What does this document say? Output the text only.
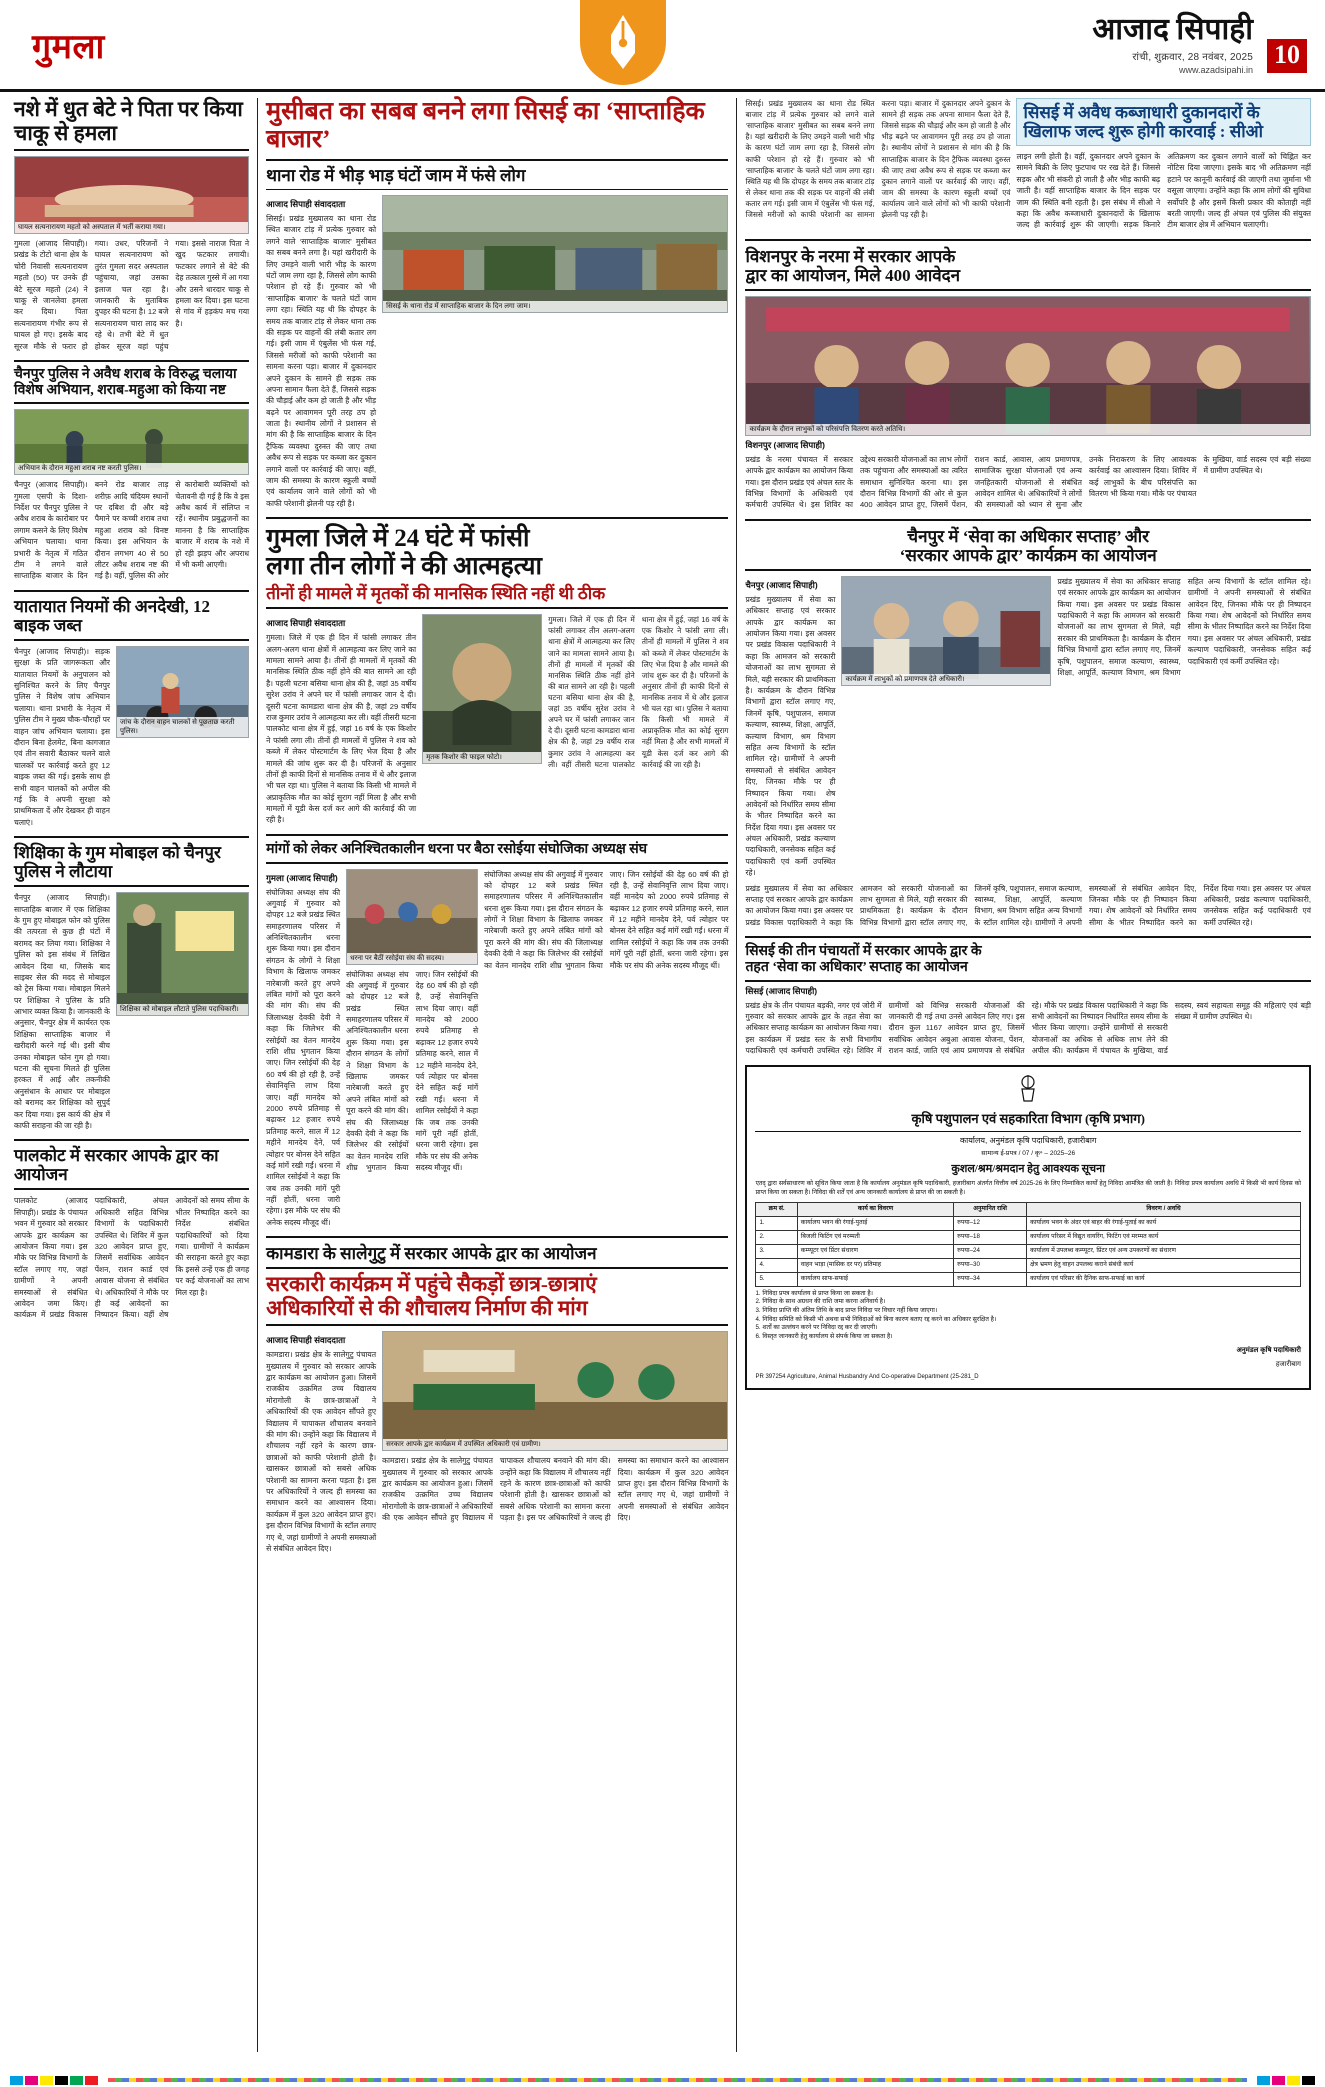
गुमला	आजाद सिपाही
रांची, शुक्रवार, 28 नवंबर, 2025
www.azadsipahi.in
10
नशे में धुत बेटे ने पिता पर किया चाकू से हमला
घायल सत्यनारायण महतो को अस्पताल में भर्ती कराया गया।
गुमला (आजाद सिपाही)। प्रखंड के टोटो थाना क्षेत्र के चोरी निवासी सत्यनारायण महतो (50) पर उनके ही बेटे सूरज महतो (24) ने चाकू से जानलेवा हमला कर दिया। पिता सत्यनारायण गंभीर रूप से घायल हो गए। इसके बाद सूरज मौके से फरार हो गया। उधर, परिजनों ने घायल सत्यनारायण को तुरंत गुमला सदर अस्पताल पहुंचाया, जहां उसका इलाज चल रहा है। जानकारी के मुताबिक दुपहर की घटना है। 12 बजे सत्यनारायण चारा लाद कर रहे थे। तभी बेटे में धुत होकर सूरज वहां पहुंच गया। इससे नाराज पिता ने खुद फटकार लगायी। फटकार लगाने से बेटे की देह तत्काल गुस्से में आ गया और उसने धारदार चाकू से हमला कर दिया। इस घटना से गांव में हड़कंप मच गया है।
चैनपुर पुलिस ने अवैध शराब के विरुद्ध चलाया विशेष अभियान, शराब-महुआ को किया नष्ट
अभियान के दौरान महुआ शराब नष्ट करती पुलिस।
चैनपुर (आजाद सिपाही)। गुमला एसपी के दिशा-निर्देश पर चैनपुर पुलिस ने अवैध शराब के कारोबार पर लगाम कसने के लिए विशेष अभियान चलाया। थाना प्रभारी के नेतृत्व में गठित टीम ने लगने वाले साप्ताहिक बाजार के दिन बनने रोड बाजार ताड़ शरीफ़ आदि चंदियम स्थानों पर दबिश दी और बड़े पैमाने पर कच्ची शराब तथा महुआ शराब को विनष्ट किया। इस अभियान के दौरान लगभग 40 से 50 लीटर अवैध शराब नष्ट की गई है। वहीं, पुलिस की ओर से कारोबारी व्यक्तियों को चेतावनी दी गई है कि वे इस अवैध कार्य में संलिप्त न रहें। स्थानीय प्रबुद्धजनों का मानना है कि साप्ताहिक बाजार में शराब के नशे में हो रही झड़प और अपराध में भी कमी आएगी।
यातायात नियमों की अनदेखी, 12 बाइक जब्त
चैनपुर (आजाद सिपाही)। सड़क सुरक्षा के प्रति जागरूकता और यातायात नियमों के अनुपालन को सुनिश्चित करने के लिए चैनपुर पुलिस ने विशेष जांच अभियान चलाया। थाना प्रभारी के नेतृत्व में पुलिस टीम ने मुख्य चौक-चौराहों पर वाहन जांच अभियान चलाया। इस दौरान बिना हेलमेट, बिना कागजात एवं तीन सवारी बैठाकर चलने वाले चालकों पर कार्रवाई करते हुए 12 बाइक जब्त की गई। इसके साथ ही सभी वाहन चालकों को अपील की गई कि वे अपनी सुरक्षा को प्राथमिकता दें और देखकर ही वाहन चलाएं।
जांच के दौरान वाहन चालकों से पूछताछ करती पुलिस।
शिक्षिका के गुम मोबाइल को चैनपुर पुलिस ने लौटाया
चैनपुर (आजाद सिपाही)। साप्ताहिक बाजार में एक शिक्षिका के गुम हुए मोबाइल फोन को पुलिस की तत्परता से कुछ ही घंटों में बरामद कर लिया गया। शिक्षिका ने पुलिस को इस संबंध में लिखित आवेदन दिया था, जिसके बाद साइबर सेल की मदद से मोबाइल को ट्रेस किया गया। मोबाइल मिलने पर शिक्षिका ने पुलिस के प्रति आभार व्यक्त किया है। जानकारी के अनुसार, चैनपुर क्षेत्र में कार्यरत एक शिक्षिका साप्ताहिक बाजार में खरीदारी करने गई थी। इसी बीच उनका मोबाइल फोन गुम हो गया। घटना की सूचना मिलते ही पुलिस हरकत में आई और तकनीकी अनुसंधान के आधार पर मोबाइल को बरामद कर शिक्षिका को सुपुर्द कर दिया गया। इस कार्य की क्षेत्र में काफी सराहना की जा रही है।
शिक्षिका को मोबाइल लौटाते पुलिस पदाधिकारी।
पालकोट में सरकार आपके द्वार का आयोजन
पालकोट (आजाद सिपाही)। प्रखंड के पंचायत भवन में गुरुवार को सरकार आपके द्वार कार्यक्रम का आयोजन किया गया। इस मौके पर विभिन्न विभागों के स्टॉल लगाए गए, जहां ग्रामीणों ने अपनी समस्याओं से संबंधित आवेदन जमा किए। कार्यक्रम में प्रखंड विकास पदाधिकारी, अंचल अधिकारी सहित विभिन्न विभागों के पदाधिकारी उपस्थित थे। शिविर में कुल 320 आवेदन प्राप्त हुए, जिसमें सर्वाधिक आवेदन पेंशन, राशन कार्ड एवं आवास योजना से संबंधित थे। अधिकारियों ने मौके पर ही कई आवेदनों का निष्पादन किया। वहीं शेष आवेदनों को समय सीमा के भीतर निष्पादित करने का निर्देश संबंधित पदाधिकारियों को दिया गया। ग्रामीणों ने कार्यक्रम की सराहना करते हुए कहा कि इससे उन्हें एक ही जगह पर कई योजनाओं का लाभ मिल रहा है।
मुसीबत का सबब बनने लगा सिसई का ‘साप्ताहिक बाजार’
थाना रोड में भीड़ भाड़ घंटों जाम में फंसे लोग
आजाद सिपाही संवाददाता
सिसई। प्रखंड मुख्यालय का थाना रोड स्थित बाजार टांड़ में प्रत्येक गुरुवार को लगने वाले ‘साप्ताहिक बाजार’ मुसीबत का सबब बनने लगा है। यहां खरीदारी के लिए उमड़ने वाली भारी भीड़ के कारण घंटों जाम लगा रहा है, जिससे लोग काफी परेशान हो रहे हैं। गुरुवार को भी ‘साप्ताहिक बाजार’ के चलते घंटों जाम लगा रहा। स्थिति यह थी कि दोपहर के समय तक बाजार टांड़ से लेकर थाना तक की सड़क पर वाहनों की लंबी कतार लग गई। इसी जाम में एंबुलेंस भी फंस गई, जिससे मरीजों को काफी परेशानी का सामना करना पड़ा। बाजार में दुकानदार अपने दुकान के सामने ही सड़क तक अपना सामान फैला देते हैं, जिससे सड़क की चौड़ाई और कम हो जाती है और भीड़ बढ़ने पर आवागमन पूरी तरह ठप हो जाता है। स्थानीय लोगों ने प्रशासन से मांग की है कि साप्ताहिक बाजार के दिन ट्रैफिक व्यवस्था दुरुस्त की जाए तथा अवैध रूप से सड़क पर कब्जा कर दुकान लगाने वालों पर कार्रवाई की जाए। वहीं, जाम की समस्या के कारण स्कूली बच्चों एवं कार्यालय जाने वाले लोगों को भी काफी परेशानी झेलनी पड़ रही है।
सिसई के थाना रोड में साप्ताहिक बाजार के दिन लगा जाम।
गुमला जिले में 24 घंटे में फांसी
लगा तीन लोगों ने की आत्महत्या
तीनों ही मामले में मृतकों की मानसिक स्थिति नहीं थी ठीक
आजाद सिपाही संवाददाता
गुमला। जिले में एक ही दिन में फांसी लगाकर तीन अलग-अलग थाना क्षेत्रों में आत्महत्या कर लिए जाने का मामला सामने आया है। तीनों ही मामलों में मृतकों की मानसिक स्थिति ठीक नहीं होने की बात सामने आ रही है। पहली घटना बसिया थाना क्षेत्र की है, जहां 35 वर्षीय सुरेश उरांव ने अपने घर में फांसी लगाकर जान दे दी। दूसरी घटना कामडारा थाना क्षेत्र की है, जहां 29 वर्षीय राज कुमार उरांव ने आत्महत्या कर ली। वहीं तीसरी घटना पालकोट थाना क्षेत्र में हुई, जहां 16 वर्ष के एक किशोर ने फांसी लगा ली। तीनों ही मामलों में पुलिस ने शव को कब्जे में लेकर पोस्टमार्टम के लिए भेज दिया है और मामले की जांच शुरू कर दी है। परिजनों के अनुसार तीनों ही काफी दिनों से मानसिक तनाव में थे और इलाज भी चल रहा था। पुलिस ने बताया कि किसी भी मामले में अप्राकृतिक मौत का कोई सुराग नहीं मिला है और सभी मामलों में यूडी केस दर्ज कर आगे की कार्रवाई की जा रही है।
मृतक किशोर की फाइल फोटो।
गुमला। जिले में एक ही दिन में फांसी लगाकर तीन अलग-अलग थाना क्षेत्रों में आत्महत्या कर लिए जाने का मामला सामने आया है। तीनों ही मामलों में मृतकों की मानसिक स्थिति ठीक नहीं होने की बात सामने आ रही है। पहली घटना बसिया थाना क्षेत्र की है, जहां 35 वर्षीय सुरेश उरांव ने अपने घर में फांसी लगाकर जान दे दी। दूसरी घटना कामडारा थाना क्षेत्र की है, जहां 29 वर्षीय राज कुमार उरांव ने आत्महत्या कर ली। वहीं तीसरी घटना पालकोट थाना क्षेत्र में हुई, जहां 16 वर्ष के एक किशोर ने फांसी लगा ली। तीनों ही मामलों में पुलिस ने शव को कब्जे में लेकर पोस्टमार्टम के लिए भेज दिया है और मामले की जांच शुरू कर दी है। परिजनों के अनुसार तीनों ही काफी दिनों से मानसिक तनाव में थे और इलाज भी चल रहा था। पुलिस ने बताया कि किसी भी मामले में अप्राकृतिक मौत का कोई सुराग नहीं मिला है और सभी मामलों में यूडी केस दर्ज कर आगे की कार्रवाई की जा रही है।
मांगों को लेकर अनिश्चितकालीन धरना पर बैठा रसोईया संघोजिका अध्यक्ष संघ
गुमला (आजाद सिपाही)
संघोजिका अध्यक्ष संघ की अगुवाई में गुरुवार को दोपहर 12 बजे प्रखंड स्थित समाहरणालय परिसर में अनिश्चितकालीन धरना शुरू किया गया। इस दौरान संगठन के लोगों ने शिक्षा विभाग के खिलाफ जमकर नारेबाजी करते हुए अपने लंबित मांगों को पूरा करने की मांग की। संघ की जिलाध्यक्ष देवकी देवी ने कहा कि जिलेभर की रसोईयों का वेतन मानदेय राशि शीघ्र भुगतान किया जाए। जिन रसोईयों की देह 60 वर्ष की हो रही है, उन्हें सेवानिवृत्ति लाभ दिया जाए। वहीं मानदेय को 2000 रुपये प्रतिमाह से बढ़ाकर 12 हजार रुपये प्रतिमाह करने, साल में 12 महीने मानदेय देने, पर्व त्योहार पर बोनस देने सहित कई मांगें रखी गईं। धरना में शामिल रसोईयों ने कहा कि जब तक उनकी मांगें पूरी नहीं होतीं, धरना जारी रहेगा। इस मौके पर संघ की अनेक सदस्य मौजूद थीं।
धरना पर बैठीं रसोईया संघ की सदस्य।
संघोजिका अध्यक्ष संघ की अगुवाई में गुरुवार को दोपहर 12 बजे प्रखंड स्थित समाहरणालय परिसर में अनिश्चितकालीन धरना शुरू किया गया। इस दौरान संगठन के लोगों ने शिक्षा विभाग के खिलाफ जमकर नारेबाजी करते हुए अपने लंबित मांगों को पूरा करने की मांग की। संघ की जिलाध्यक्ष देवकी देवी ने कहा कि जिलेभर की रसोईयों का वेतन मानदेय राशि शीघ्र भुगतान किया जाए। जिन रसोईयों की देह 60 वर्ष की हो रही है, उन्हें सेवानिवृत्ति लाभ दिया जाए। वहीं मानदेय को 2000 रुपये प्रतिमाह से बढ़ाकर 12 हजार रुपये प्रतिमाह करने, साल में 12 महीने मानदेय देने, पर्व त्योहार पर बोनस देने सहित कई मांगें रखी गईं। धरना में शामिल रसोईयों ने कहा कि जब तक उनकी मांगें पूरी नहीं होतीं, धरना जारी रहेगा। इस मौके पर संघ की अनेक सदस्य मौजूद थीं।
संघोजिका अध्यक्ष संघ की अगुवाई में गुरुवार को दोपहर 12 बजे प्रखंड स्थित समाहरणालय परिसर में अनिश्चितकालीन धरना शुरू किया गया। इस दौरान संगठन के लोगों ने शिक्षा विभाग के खिलाफ जमकर नारेबाजी करते हुए अपने लंबित मांगों को पूरा करने की मांग की। संघ की जिलाध्यक्ष देवकी देवी ने कहा कि जिलेभर की रसोईयों का वेतन मानदेय राशि शीघ्र भुगतान किया जाए। जिन रसोईयों की देह 60 वर्ष की हो रही है, उन्हें सेवानिवृत्ति लाभ दिया जाए। वहीं मानदेय को 2000 रुपये प्रतिमाह से बढ़ाकर 12 हजार रुपये प्रतिमाह करने, साल में 12 महीने मानदेय देने, पर्व त्योहार पर बोनस देने सहित कई मांगें रखी गईं। धरना में शामिल रसोईयों ने कहा कि जब तक उनकी मांगें पूरी नहीं होतीं, धरना जारी रहेगा। इस मौके पर संघ की अनेक सदस्य मौजूद थीं।
कामडारा के सालेगुटु में सरकार आपके द्वार का आयोजन
सरकारी कार्यक्रम में पहुंचे सैकड़ों छात्र-छात्राएं
अधिकारियों से की शौचालय निर्माण की मांग
आजाद सिपाही संवाददाता
कामडारा। प्रखंड क्षेत्र के सालेगुटु पंचायत मुख्यालय में गुरुवार को सरकार आपके द्वार कार्यक्रम का आयोजन हुआ। जिसमें राजकीय उत्क्रमित उच्च विद्यालय मोरागोली के छात्र-छात्राओं ने अधिकारियों की एक आवेदन सौंपते हुए विद्यालय में चापाकल शौचालय बनवाने की मांग की। उन्होंने कहा कि विद्यालय में शौचालय नहीं रहने के कारण छात्र-छात्राओं को काफी परेशानी होती है। खासकर छात्राओं को सबसे अधिक परेशानी का सामना करना पड़ता है। इस पर अधिकारियों ने जल्द ही समस्या का समाधान करने का आश्वासन दिया। कार्यक्रम में कुल 320 आवेदन प्राप्त हुए। इस दौरान विभिन्न विभागों के स्टॉल लगाए गए थे, जहां ग्रामीणों ने अपनी समस्याओं से संबंधित आवेदन दिए।
सरकार आपके द्वार कार्यक्रम में उपस्थित अधिकारी एवं ग्रामीण।
कामडारा। प्रखंड क्षेत्र के सालेगुटु पंचायत मुख्यालय में गुरुवार को सरकार आपके द्वार कार्यक्रम का आयोजन हुआ। जिसमें राजकीय उत्क्रमित उच्च विद्यालय मोरागोली के छात्र-छात्राओं ने अधिकारियों की एक आवेदन सौंपते हुए विद्यालय में चापाकल शौचालय बनवाने की मांग की। उन्होंने कहा कि विद्यालय में शौचालय नहीं रहने के कारण छात्र-छात्राओं को काफी परेशानी होती है। खासकर छात्राओं को सबसे अधिक परेशानी का सामना करना पड़ता है। इस पर अधिकारियों ने जल्द ही समस्या का समाधान करने का आश्वासन दिया। कार्यक्रम में कुल 320 आवेदन प्राप्त हुए। इस दौरान विभिन्न विभागों के स्टॉल लगाए गए थे, जहां ग्रामीणों ने अपनी समस्याओं से संबंधित आवेदन दिए।
सिसई। प्रखंड मुख्यालय का थाना रोड स्थित बाजार टांड़ में प्रत्येक गुरुवार को लगने वाले ‘साप्ताहिक बाजार’ मुसीबत का सबब बनने लगा है। यहां खरीदारी के लिए उमड़ने वाली भारी भीड़ के कारण घंटों जाम लगा रहा है, जिससे लोग काफी परेशान हो रहे हैं। गुरुवार को भी ‘साप्ताहिक बाजार’ के चलते घंटों जाम लगा रहा। स्थिति यह थी कि दोपहर के समय तक बाजार टांड़ से लेकर थाना तक की सड़क पर वाहनों की लंबी कतार लग गई। इसी जाम में एंबुलेंस भी फंस गई, जिससे मरीजों को काफी परेशानी का सामना करना पड़ा। बाजार में दुकानदार अपने दुकान के सामने ही सड़क तक अपना सामान फैला देते हैं, जिससे सड़क की चौड़ाई और कम हो जाती है और भीड़ बढ़ने पर आवागमन पूरी तरह ठप हो जाता है। स्थानीय लोगों ने प्रशासन से मांग की है कि साप्ताहिक बाजार के दिन ट्रैफिक व्यवस्था दुरुस्त की जाए तथा अवैध रूप से सड़क पर कब्जा कर दुकान लगाने वालों पर कार्रवाई की जाए। वहीं, जाम की समस्या के कारण स्कूली बच्चों एवं कार्यालय जाने वाले लोगों को भी काफी परेशानी झेलनी पड़ रही है।
सिसई में अवैध कब्जाधारी दुकानदारों के खिलाफ जल्द शुरू होगी कारवाई : सीओ
लाइन लगी होती है। वहीं, दुकानदार अपने दुकान के सामने बिक्री के लिए फुटपाथ पर रख देते हैं। जिससे सड़क और भी संकरी हो जाती है और भीड़ काफी बढ़ जाती है। वहीं साप्ताहिक बाजार के दिन सड़क पर जाम की स्थिति बनी रहती है। इस संबंध में सीओ ने कहा कि अवैध कब्जाधारी दुकानदारों के खिलाफ जल्द ही कार्रवाई शुरू की जाएगी। सड़क किनारे अतिक्रमण कर दुकान लगाने वालों को चिह्नित कर नोटिस दिया जाएगा। इसके बाद भी अतिक्रमण नहीं हटाने पर कानूनी कार्रवाई की जाएगी तथा जुर्माना भी वसूला जाएगा। उन्होंने कहा कि आम लोगों की सुविधा सर्वोपरि है और इसमें किसी प्रकार की कोताही नहीं बरती जाएगी। जल्द ही अंचल एवं पुलिस की संयुक्त टीम बाजार क्षेत्र में अभियान चलाएगी।
विशनपुर के नरमा में सरकार आपके
द्वार का आयोजन, मिले 400 आवेदन
कार्यक्रम के दौरान लाभुकों को परिसंपत्ति वितरण करते अतिथि।
विशनपुर (आजाद सिपाही)
प्रखंड के नरमा पंचायत में सरकार आपके द्वार कार्यक्रम का आयोजन किया गया। इस दौरान प्रखंड एवं अंचल स्तर के विभिन्न विभागों के अधिकारी एवं कर्मचारी उपस्थित थे। इस शिविर का उद्देश्य सरकारी योजनाओं का लाभ लोगों तक पहुंचाना और समस्याओं का त्वरित समाधान सुनिश्चित करना था। इस दौरान विभिन्न विभागों की ओर से कुल 400 आवेदन प्राप्त हुए, जिसमें पेंशन, राशन कार्ड, आवास, आय प्रमाणपत्र, सामाजिक सुरक्षा योजनाओं एवं अन्य जनहितकारी योजनाओं से संबंधित आवेदन शामिल थे। अधिकारियों ने लोगों की समस्याओं को ध्यान से सुना और उनके निराकरण के लिए आवश्यक कार्रवाई का आश्वासन दिया। शिविर में कई लाभुकों के बीच परिसंपत्ति का वितरण भी किया गया। मौके पर पंचायत के मुखिया, वार्ड सदस्य एवं बड़ी संख्या में ग्रामीण उपस्थित थे।
चैनपुर में ‘सेवा का अधिकार सप्ताह’ और
‘सरकार आपके द्वार’ कार्यक्रम का आयोजन
चैनपुर (आजाद सिपाही)
प्रखंड मुख्यालय में सेवा का अधिकार सप्ताह एवं सरकार आपके द्वार कार्यक्रम का आयोजन किया गया। इस अवसर पर प्रखंड विकास पदाधिकारी ने कहा कि आमजन को सरकारी योजनाओं का लाभ सुगमता से मिले, यही सरकार की प्राथमिकता है। कार्यक्रम के दौरान विभिन्न विभागों द्वारा स्टॉल लगाए गए, जिनमें कृषि, पशुपालन, समाज कल्याण, स्वास्थ्य, शिक्षा, आपूर्ति, कल्याण विभाग, श्रम विभाग सहित अन्य विभागों के स्टॉल शामिल रहे। ग्रामीणों ने अपनी समस्याओं से संबंधित आवेदन दिए, जिनका मौके पर ही निष्पादन किया गया। शेष आवेदनों को निर्धारित समय सीमा के भीतर निष्पादित करने का निर्देश दिया गया। इस अवसर पर अंचल अधिकारी, प्रखंड कल्याण पदाधिकारी, जनसेवक सहित कई पदाधिकारी एवं कर्मी उपस्थित रहे।
कार्यक्रम में लाभुकों को प्रमाणपत्र देते अधिकारी।
प्रखंड मुख्यालय में सेवा का अधिकार सप्ताह एवं सरकार आपके द्वार कार्यक्रम का आयोजन किया गया। इस अवसर पर प्रखंड विकास पदाधिकारी ने कहा कि आमजन को सरकारी योजनाओं का लाभ सुगमता से मिले, यही सरकार की प्राथमिकता है। कार्यक्रम के दौरान विभिन्न विभागों द्वारा स्टॉल लगाए गए, जिनमें कृषि, पशुपालन, समाज कल्याण, स्वास्थ्य, शिक्षा, आपूर्ति, कल्याण विभाग, श्रम विभाग सहित अन्य विभागों के स्टॉल शामिल रहे। ग्रामीणों ने अपनी समस्याओं से संबंधित आवेदन दिए, जिनका मौके पर ही निष्पादन किया गया। शेष आवेदनों को निर्धारित समय सीमा के भीतर निष्पादित करने का निर्देश दिया गया। इस अवसर पर अंचल अधिकारी, प्रखंड कल्याण पदाधिकारी, जनसेवक सहित कई पदाधिकारी एवं कर्मी उपस्थित रहे।
प्रखंड मुख्यालय में सेवा का अधिकार सप्ताह एवं सरकार आपके द्वार कार्यक्रम का आयोजन किया गया। इस अवसर पर प्रखंड विकास पदाधिकारी ने कहा कि आमजन को सरकारी योजनाओं का लाभ सुगमता से मिले, यही सरकार की प्राथमिकता है। कार्यक्रम के दौरान विभिन्न विभागों द्वारा स्टॉल लगाए गए, जिनमें कृषि, पशुपालन, समाज कल्याण, स्वास्थ्य, शिक्षा, आपूर्ति, कल्याण विभाग, श्रम विभाग सहित अन्य विभागों के स्टॉल शामिल रहे। ग्रामीणों ने अपनी समस्याओं से संबंधित आवेदन दिए, जिनका मौके पर ही निष्पादन किया गया। शेष आवेदनों को निर्धारित समय सीमा के भीतर निष्पादित करने का निर्देश दिया गया। इस अवसर पर अंचल अधिकारी, प्रखंड कल्याण पदाधिकारी, जनसेवक सहित कई पदाधिकारी एवं कर्मी उपस्थित रहे।
सिसई की तीन पंचायतों में सरकार आपके द्वार के
तहत ‘सेवा का अधिकार’ सप्ताह का आयोजन
सिसई (आजाद सिपाही)
प्रखंड क्षेत्र के तीन पंचायत बड़की, नगर एवं जोरी में गुरुवार को सरकार आपके द्वार के तहत सेवा का अधिकार सप्ताह कार्यक्रम का आयोजन किया गया। इस कार्यक्रम में प्रखंड स्तर के सभी विभागीय पदाधिकारी एवं कर्मचारी उपस्थित रहे। शिविर में ग्रामीणों को विभिन्न सरकारी योजनाओं की जानकारी दी गई तथा उनसे आवेदन लिए गए। इस दौरान कुल 1167 आवेदन प्राप्त हुए, जिसमें सर्वाधिक आवेदन अबुआ आवास योजना, पेंशन, राशन कार्ड, जाति एवं आय प्रमाणपत्र से संबंधित रहे। मौके पर प्रखंड विकास पदाधिकारी ने कहा कि सभी आवेदनों का निष्पादन निर्धारित समय सीमा के भीतर किया जाएगा। उन्होंने ग्रामीणों से सरकारी योजनाओं का अधिक से अधिक लाभ लेने की अपील की। कार्यक्रम में पंचायत के मुखिया, वार्ड सदस्य, स्वयं सहायता समूह की महिलाएं एवं बड़ी संख्या में ग्रामीण उपस्थित थे।
कृषि पशुपालन एवं सहकारिता विभाग (कृषि प्रभाग)
कार्यालय, अनुमंडल कृषि पदाधिकारी, हजारीबाग
सामान्य ई-प्रपत्र / 07 / कृ॰ – 2025–26
कुशल/श्रम/श्रमदान हेतु आवश्यक सूचना
एतद् द्वारा सर्वसाधारण को सूचित किया जाता है कि कार्यालय अनुमंडल कृषि पदाधिकारी, हजारीबाग अंतर्गत वित्तीय वर्ष 2025-26 के लिए निम्नांकित कार्यों हेतु निविदा आमंत्रित की जाती है। निविदा प्रपत्र कार्यालय अवधि में किसी भी कार्य दिवस को प्राप्त किया जा सकता है। निविदा की शर्तें एवं अन्य जानकारी कार्यालय से प्राप्त की जा सकती है।
क्रम सं.	कार्य का विवरण	अनुमानित राशि	विवरण / अवधि
1.	कार्यालय भवन की रंगाई-पुताई	रुपया–12	कार्यालय भवन के अंदर एवं बाहर की रंगाई-पुताई का कार्य
2.	बिजली फिटिंग एवं मरम्मती	रुपया–18	कार्यालय परिसर में विद्युत वायरिंग, फिटिंग एवं मरम्मत कार्य
3.	कम्प्यूटर एवं प्रिंटर संधारण	रुपया–24	कार्यालय में उपलब्ध कम्प्यूटर, प्रिंटर एवं अन्य उपकरणों का संधारण
4.	वाहन भाड़ा (मासिक दर पर) प्रतिमाह	रुपया–30	क्षेत्र भ्रमण हेतु वाहन उपलब्ध कराने संबंधी कार्य
5.	कार्यालय साफ-सफाई	रुपया–34	कार्यालय एवं परिसर की दैनिक साफ-सफाई का कार्य
1. निविदा प्रपत्र कार्यालय से प्राप्त किया जा सकता है।
2. निविदा के साथ अग्रधन की राशि जमा करना अनिवार्य है।
3. निविदा प्राप्ति की अंतिम तिथि के बाद प्राप्त निविदा पर विचार नहीं किया जाएगा।
4. निविदा समिति को किसी भी अथवा सभी निविदाओं को बिना कारण बताए रद्द करने का अधिकार सुरक्षित है।
5. शर्तों का उल्लंघन करने पर निविदा रद्द कर दी जाएगी।
6. विस्तृत जानकारी हेतु कार्यालय से संपर्क किया जा सकता है।
अनुमंडल कृषि पदाधिकारी
हजारीबाग
PR 397254 Agriculture, Animal Husbandry And Co-operative Department (25-281_D
